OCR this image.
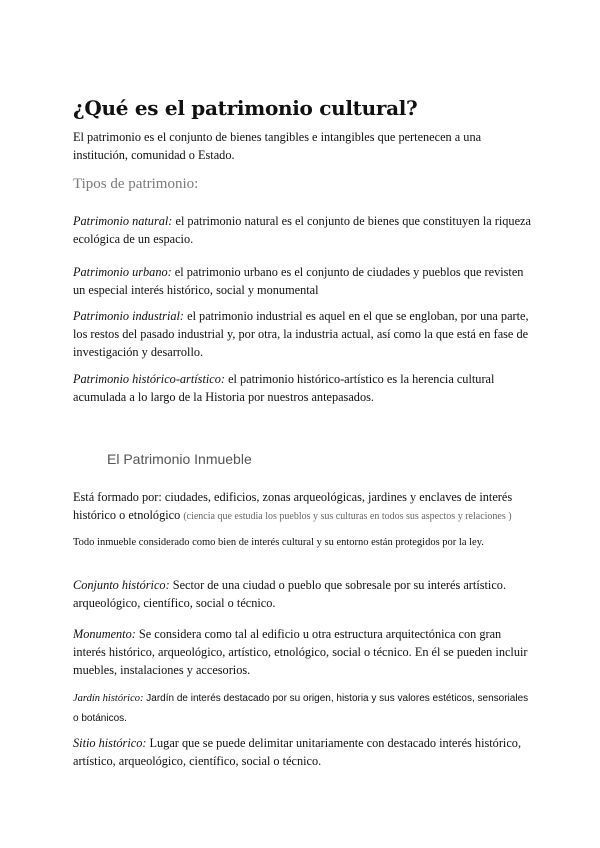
¿Qué es el patrimonio cultural?
El patrimonio es el conjunto de bienes tangibles e intangibles que pertenecen a una institución, comunidad o Estado.
Tipos de patrimonio:
Patrimonio natural: el patrimonio natural es el conjunto de bienes que constituyen la riqueza ecológica de un espacio.
Patrimonio urbano: el patrimonio urbano es el conjunto de ciudades y pueblos que revisten un especial interés histórico, social y monumental
Patrimonio industrial: el patrimonio industrial es aquel en el que se engloban, por una parte, los restos del pasado industrial y, por otra, la industria actual, así como la que está en fase de investigación y desarrollo.
Patrimonio histórico-artístico: el patrimonio histórico-artístico es la herencia cultural acumulada a lo largo de la Historia por nuestros antepasados.
El Patrimonio Inmueble
Está formado por: ciudades, edificios, zonas arqueológicas, jardines y enclaves de interés histórico o etnológico (ciencia que estudia los pueblos y sus culturas en todos sus aspectos y relaciones )
Todo inmueble considerado como bien de interés cultural y su entorno están protegidos por la ley.
Conjunto histórico: Sector de una ciudad o pueblo que sobresale por su interés artístico. arqueológico, científico, social o técnico.
Monumento: Se considera como tal al edificio u otra estructura arquitectónica con gran interés histórico, arqueológico, artístico, etnológico, social o técnico. En él se pueden incluir muebles, instalaciones y accesorios.
Jardín histórico: Jardín de interés destacado por su origen, historia y sus valores estéticos, sensoriales o botánicos.
Sitio histórico: Lugar que se puede delimitar unitariamente con destacado interés histórico, artístico, arqueológico, científico, social o técnico.
